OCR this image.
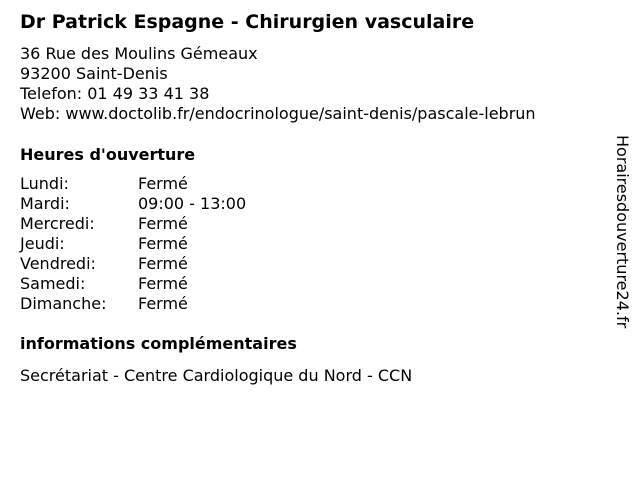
Dr Patrick Espagne - Chirurgien vasculaire
36 Rue des Moulins Gémeaux
93200 Saint-Denis
Telefon: 01 49 33 41 38
Web: www.doctolib.fr/endocrinologue/saint-denis/pascale-lebrun
Heures d'ouverture
Lundi:	Fermé
Mardi:	09:00 - 13:00
Mercredi:	Fermé
Jeudi:	Fermé
Vendredi:	Fermé
Samedi:	Fermé
Dimanche: Fermé
informations complémentaires
Secrétariat - Centre Cardiologique du Nord - CCN
Horairesdouverture24.fr
